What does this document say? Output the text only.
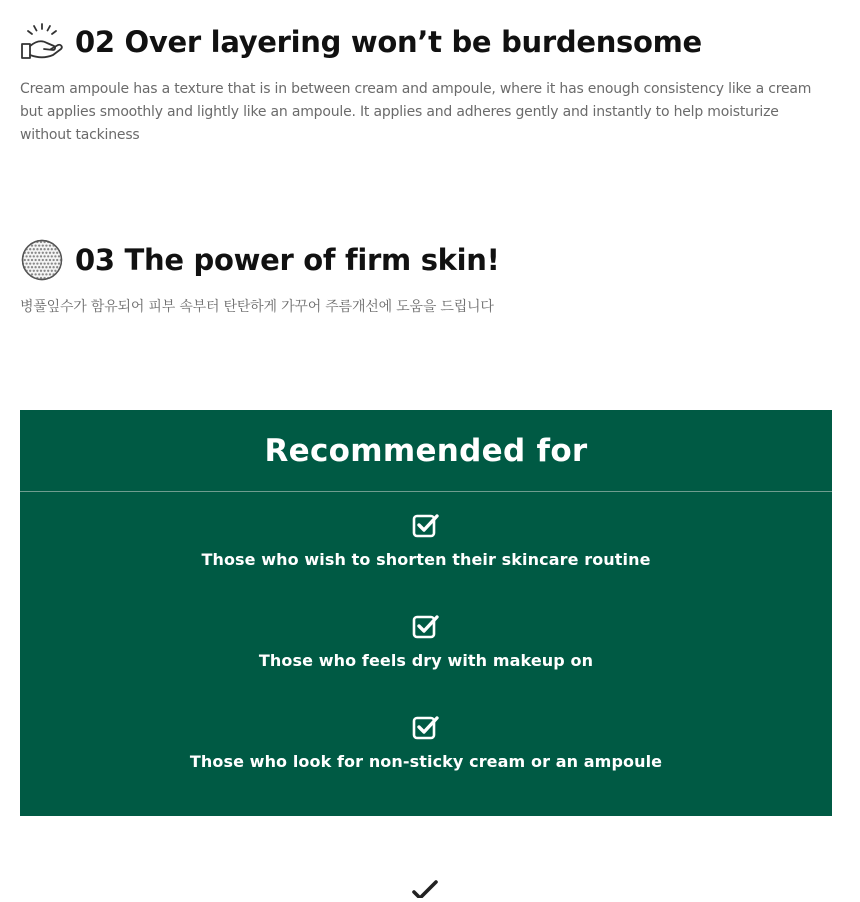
02 Over layering won’t be burdensome
Cream ampoule has a texture that is in between cream and ampoule, where it has enough consistency like a cream but applies smoothly and lightly like an ampoule. It applies and adheres gently and instantly to help moisturize without tackiness
03 The power of firm skin!
병풀잎수가 함유되어 피부 속부터 탄탄하게 가꾸어 주름개선에 도움을 드립니다
Recommended for
Those who wish to shorten their skincare routine
Those who feels dry with makeup on
Those who look for non-sticky cream or an ampoule
